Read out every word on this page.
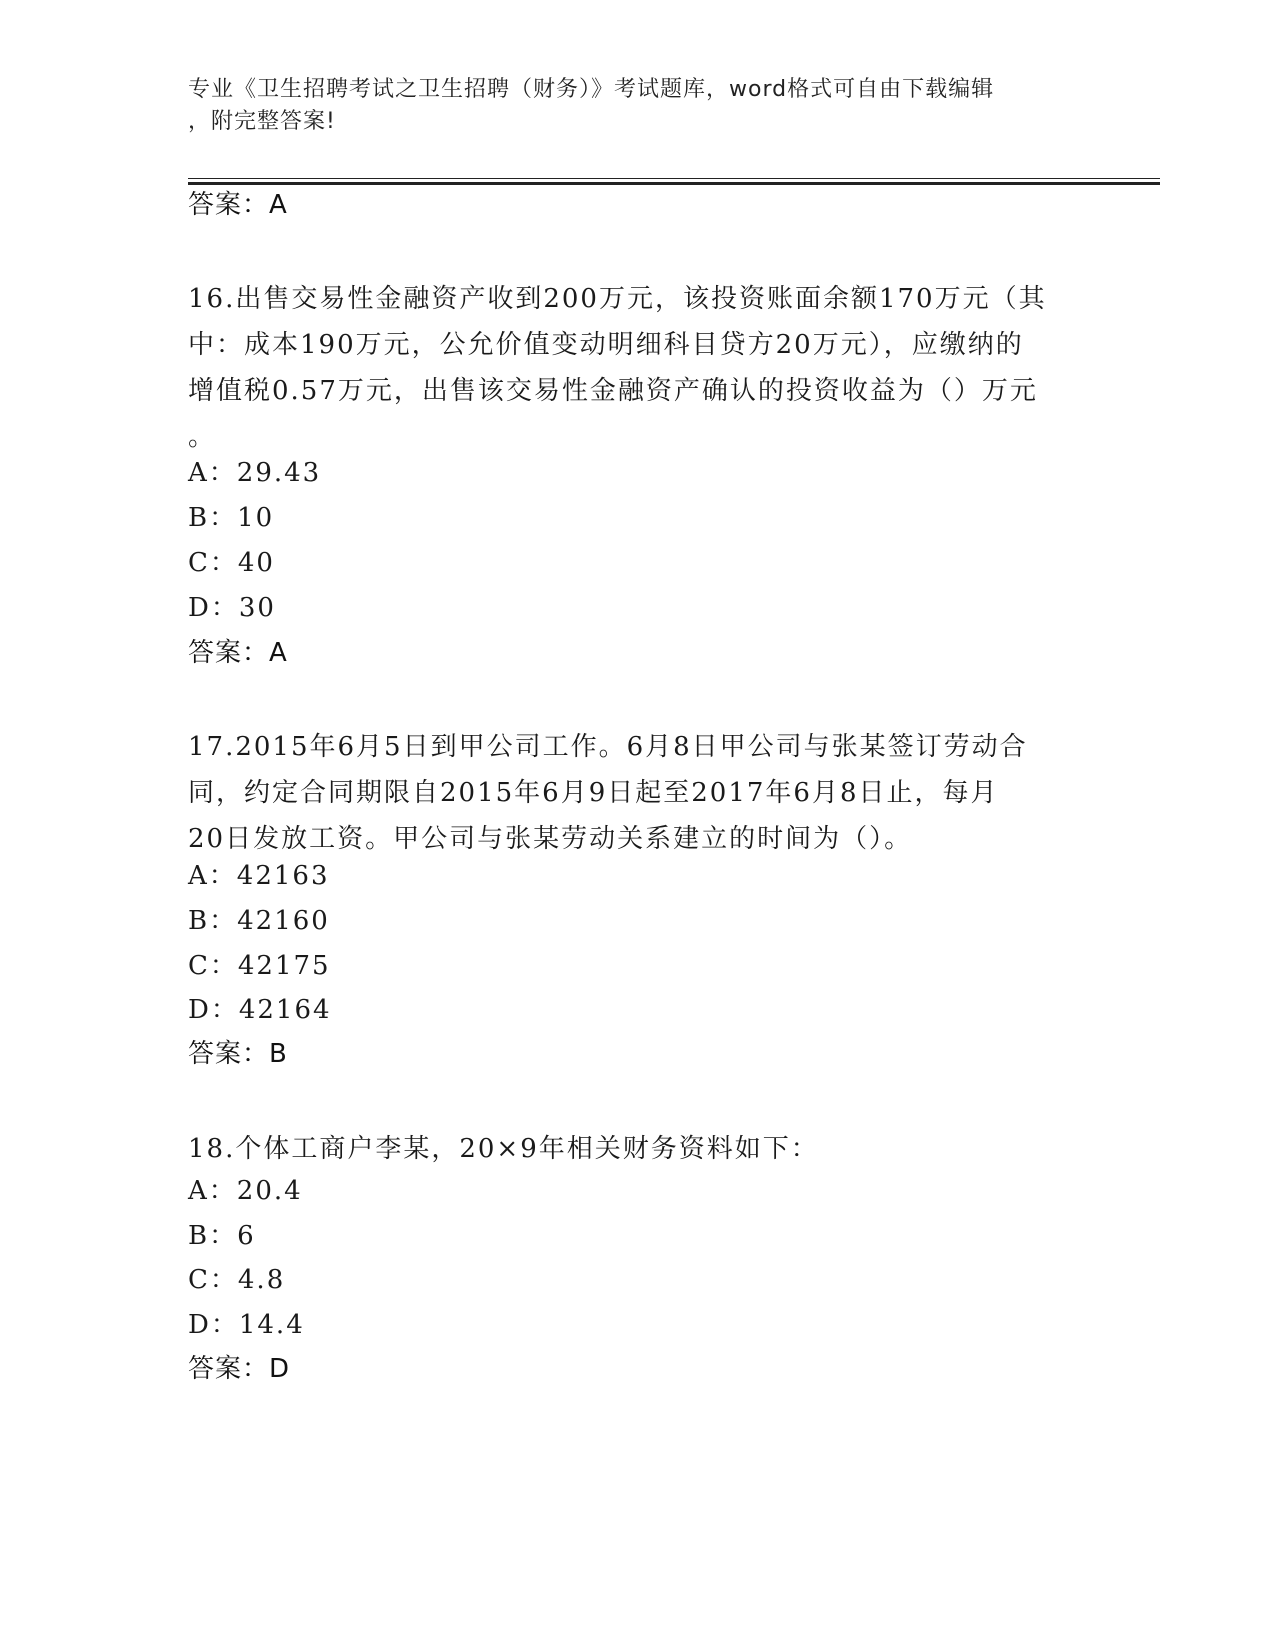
专业《卫生招聘考试之卫生招聘（财务）》考试题库，word格式可自由下载编辑
，附完整答案!
答案：A
16.出售交易性金融资产收到200万元，该投资账面余额170万元（其
中：成本190万元，公允价值变动明细科目贷方20万元），应缴纳的
增值税0.57万元，出售该交易性金融资产确认的投资收益为（）万元
。
A：29.43
B：10
C：40
D：30
答案：A
17.2015年6月5日到甲公司工作。6月8日甲公司与张某签订劳动合
同，约定合同期限自2015年6月9日起至2017年6月8日止，每月
20日发放工资。甲公司与张某劳动关系建立的时间为（）。
A：42163
B：42160
C：42175
D：42164
答案：B
18.个体工商户李某，20×9年相关财务资料如下：
A：20.4
B：6
C：4.8
D：14.4
答案：D
